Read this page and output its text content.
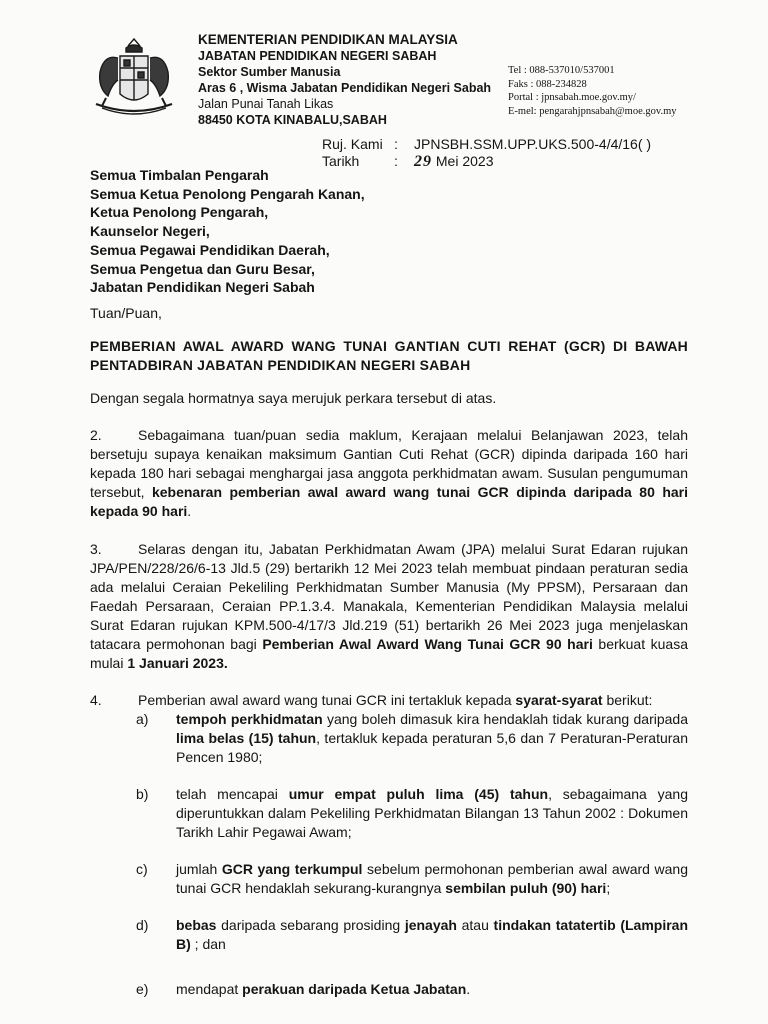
KEMENTERIAN PENDIDIKAN MALAYSIA
JABATAN PENDIDIKAN NEGERI SABAH
Sektor Sumber Manusia
Aras 6 , Wisma Jabatan Pendidikan Negeri Sabah
Jalan Punai Tanah Likas
88450 KOTA KINABALU,SABAH
Tel : 088-537010/537001
Faks : 088-234828
Portal : jpnsabah.moe.gov.my/
E-mel: pengarahjpnsabah@moe.gov.my
Ruj. Kami :	JPNSBH.SSM.UPP.UKS.500-4/4/16( )
Tarikh	:	29
Mei 2023
Semua Timbalan Pengarah
Semua Ketua Penolong Pengarah Kanan,
Ketua Penolong Pengarah,
Kaunselor Negeri,
Semua Pegawai Pendidikan Daerah,
Semua Pengetua dan Guru Besar,
Jabatan Pendidikan Negeri Sabah
Tuan/Puan,
PEMBERIAN AWAL AWARD WANG TUNAI GANTIAN CUTI REHAT (GCR) DI BAWAH PENTADBIRAN JABATAN PENDIDIKAN NEGERI SABAH
Dengan segala hormatnya saya merujuk perkara tersebut di atas.
2.	Sebagaimana tuan/puan sedia maklum, Kerajaan melalui Belanjawan 2023, telah bersetuju supaya kenaikan maksimum Gantian Cuti Rehat (GCR) dipinda daripada 160 hari kepada 180 hari sebagai menghargai jasa anggota perkhidmatan awam. Susulan pengumuman tersebut, kebenaran pemberian awal award wang tunai GCR dipinda daripada 80 hari kepada 90 hari.
3.	Selaras dengan itu, Jabatan Perkhidmatan Awam (JPA) melalui Surat Edaran rujukan JPA/PEN/228/26/6-13 Jld.5 (29) bertarikh 12 Mei 2023 telah membuat pindaan peraturan sedia ada melalui Ceraian Pekeliling Perkhidmatan Sumber Manusia (My PPSM), Persaraan dan Faedah Persaraan, Ceraian PP.1.3.4. Manakala, Kementerian Pendidikan Malaysia melalui Surat Edaran rujukan KPM.500-4/17/3 Jld.219 (51) bertarikh 26 Mei 2023 juga menjelaskan tatacara permohonan bagi Pemberian Awal Award Wang Tunai GCR 90 hari berkuat kuasa mulai 1 Januari 2023.
4.	Pemberian awal award wang tunai GCR ini tertakluk kepada syarat-syarat berikut:
a)	tempoh perkhidmatan yang boleh dimasuk kira hendaklah tidak kurang daripada lima belas (15) tahun, tertakluk kepada peraturan 5,6 dan 7 Peraturan-Peraturan Pencen 1980;
b)	telah mencapai umur empat puluh lima (45) tahun, sebagaimana yang diperuntukkan dalam Pekeliling Perkhidmatan Bilangan 13 Tahun 2002 : Dokumen Tarikh Lahir Pegawai Awam;
c)	jumlah GCR yang terkumpul sebelum permohonan pemberian awal award wang tunai GCR hendaklah sekurang-kurangnya sembilan puluh (90) hari;
d)	bebas daripada sebarang prosiding jenayah atau tindakan tatatertib (Lampiran B) ; dan
e)	mendapat perakuan daripada Ketua Jabatan.
